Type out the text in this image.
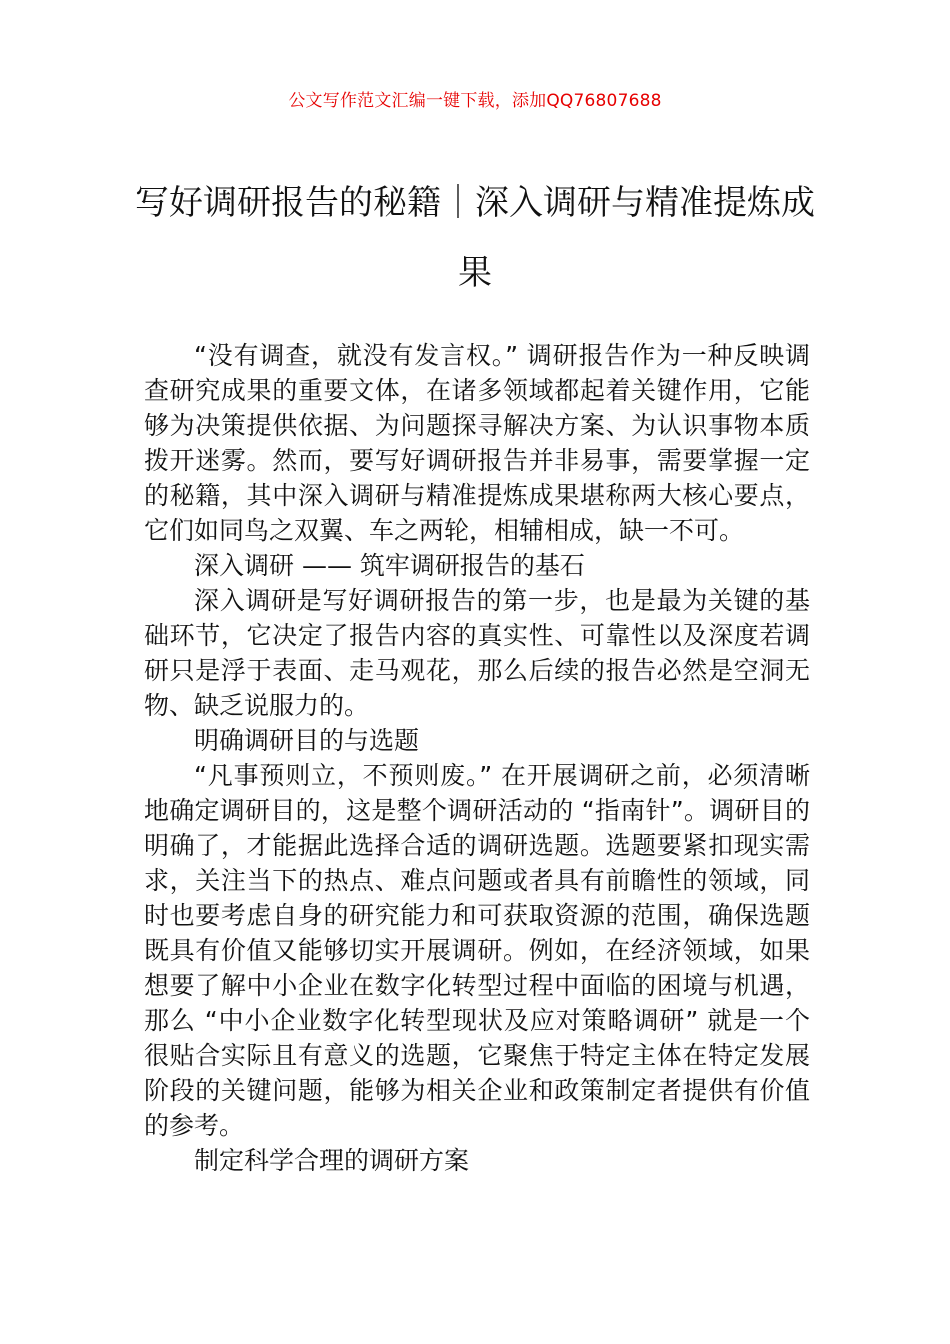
公文写作范文汇编一键下载，添加QQ76807688
写好调研报告的秘籍｜深入调研与精准提炼成果

“没有调查，就没有发言权。” 调研报告作为一种反映调查研究成果的重要文体，在诸多领域都起着关键作用，它能够为决策提供依据、为问题探寻解决方案、为认识事物本质拨开迷雾。然而，要写好调研报告并非易事，需要掌握一定的秘籍，其中深入调研与精准提炼成果堪称两大核心要点，它们如同鸟之双翼、车之两轮，相辅相成，缺一不可。

深入调研 —— 筑牢调研报告的基石

深入调研是写好调研报告的第一步，也是最为关键的基础环节，它决定了报告内容的真实性、可靠性以及深度若调研只是浮于表面、走马观花，那么后续的报告必然是空洞无物、缺乏说服力的。

明确调研目的与选题

“凡事预则立，不预则废。” 在开展调研之前，必须清晰地确定调研目的，这是整个调研活动的 “指南针”。调研目的明确了，才能据此选择合适的调研选题。选题要紧扣现实需求，关注当下的热点、难点问题或者具有前瞻性的领域，同时也要考虑自身的研究能力和可获取资源的范围，确保选题既具有价值又能够切实开展调研。例如，在经济领域，如果想要了解中小企业在数字化转型过程中面临的困境与机遇，那么 “中小企业数字化转型现状及应对策略调研” 就是一个很贴合实际且有意义的选题，它聚焦于特定主体在特定发展阶段的关键问题，能够为相关企业和政策制定者提供有价值的参考。

制定科学合理的调研方案
